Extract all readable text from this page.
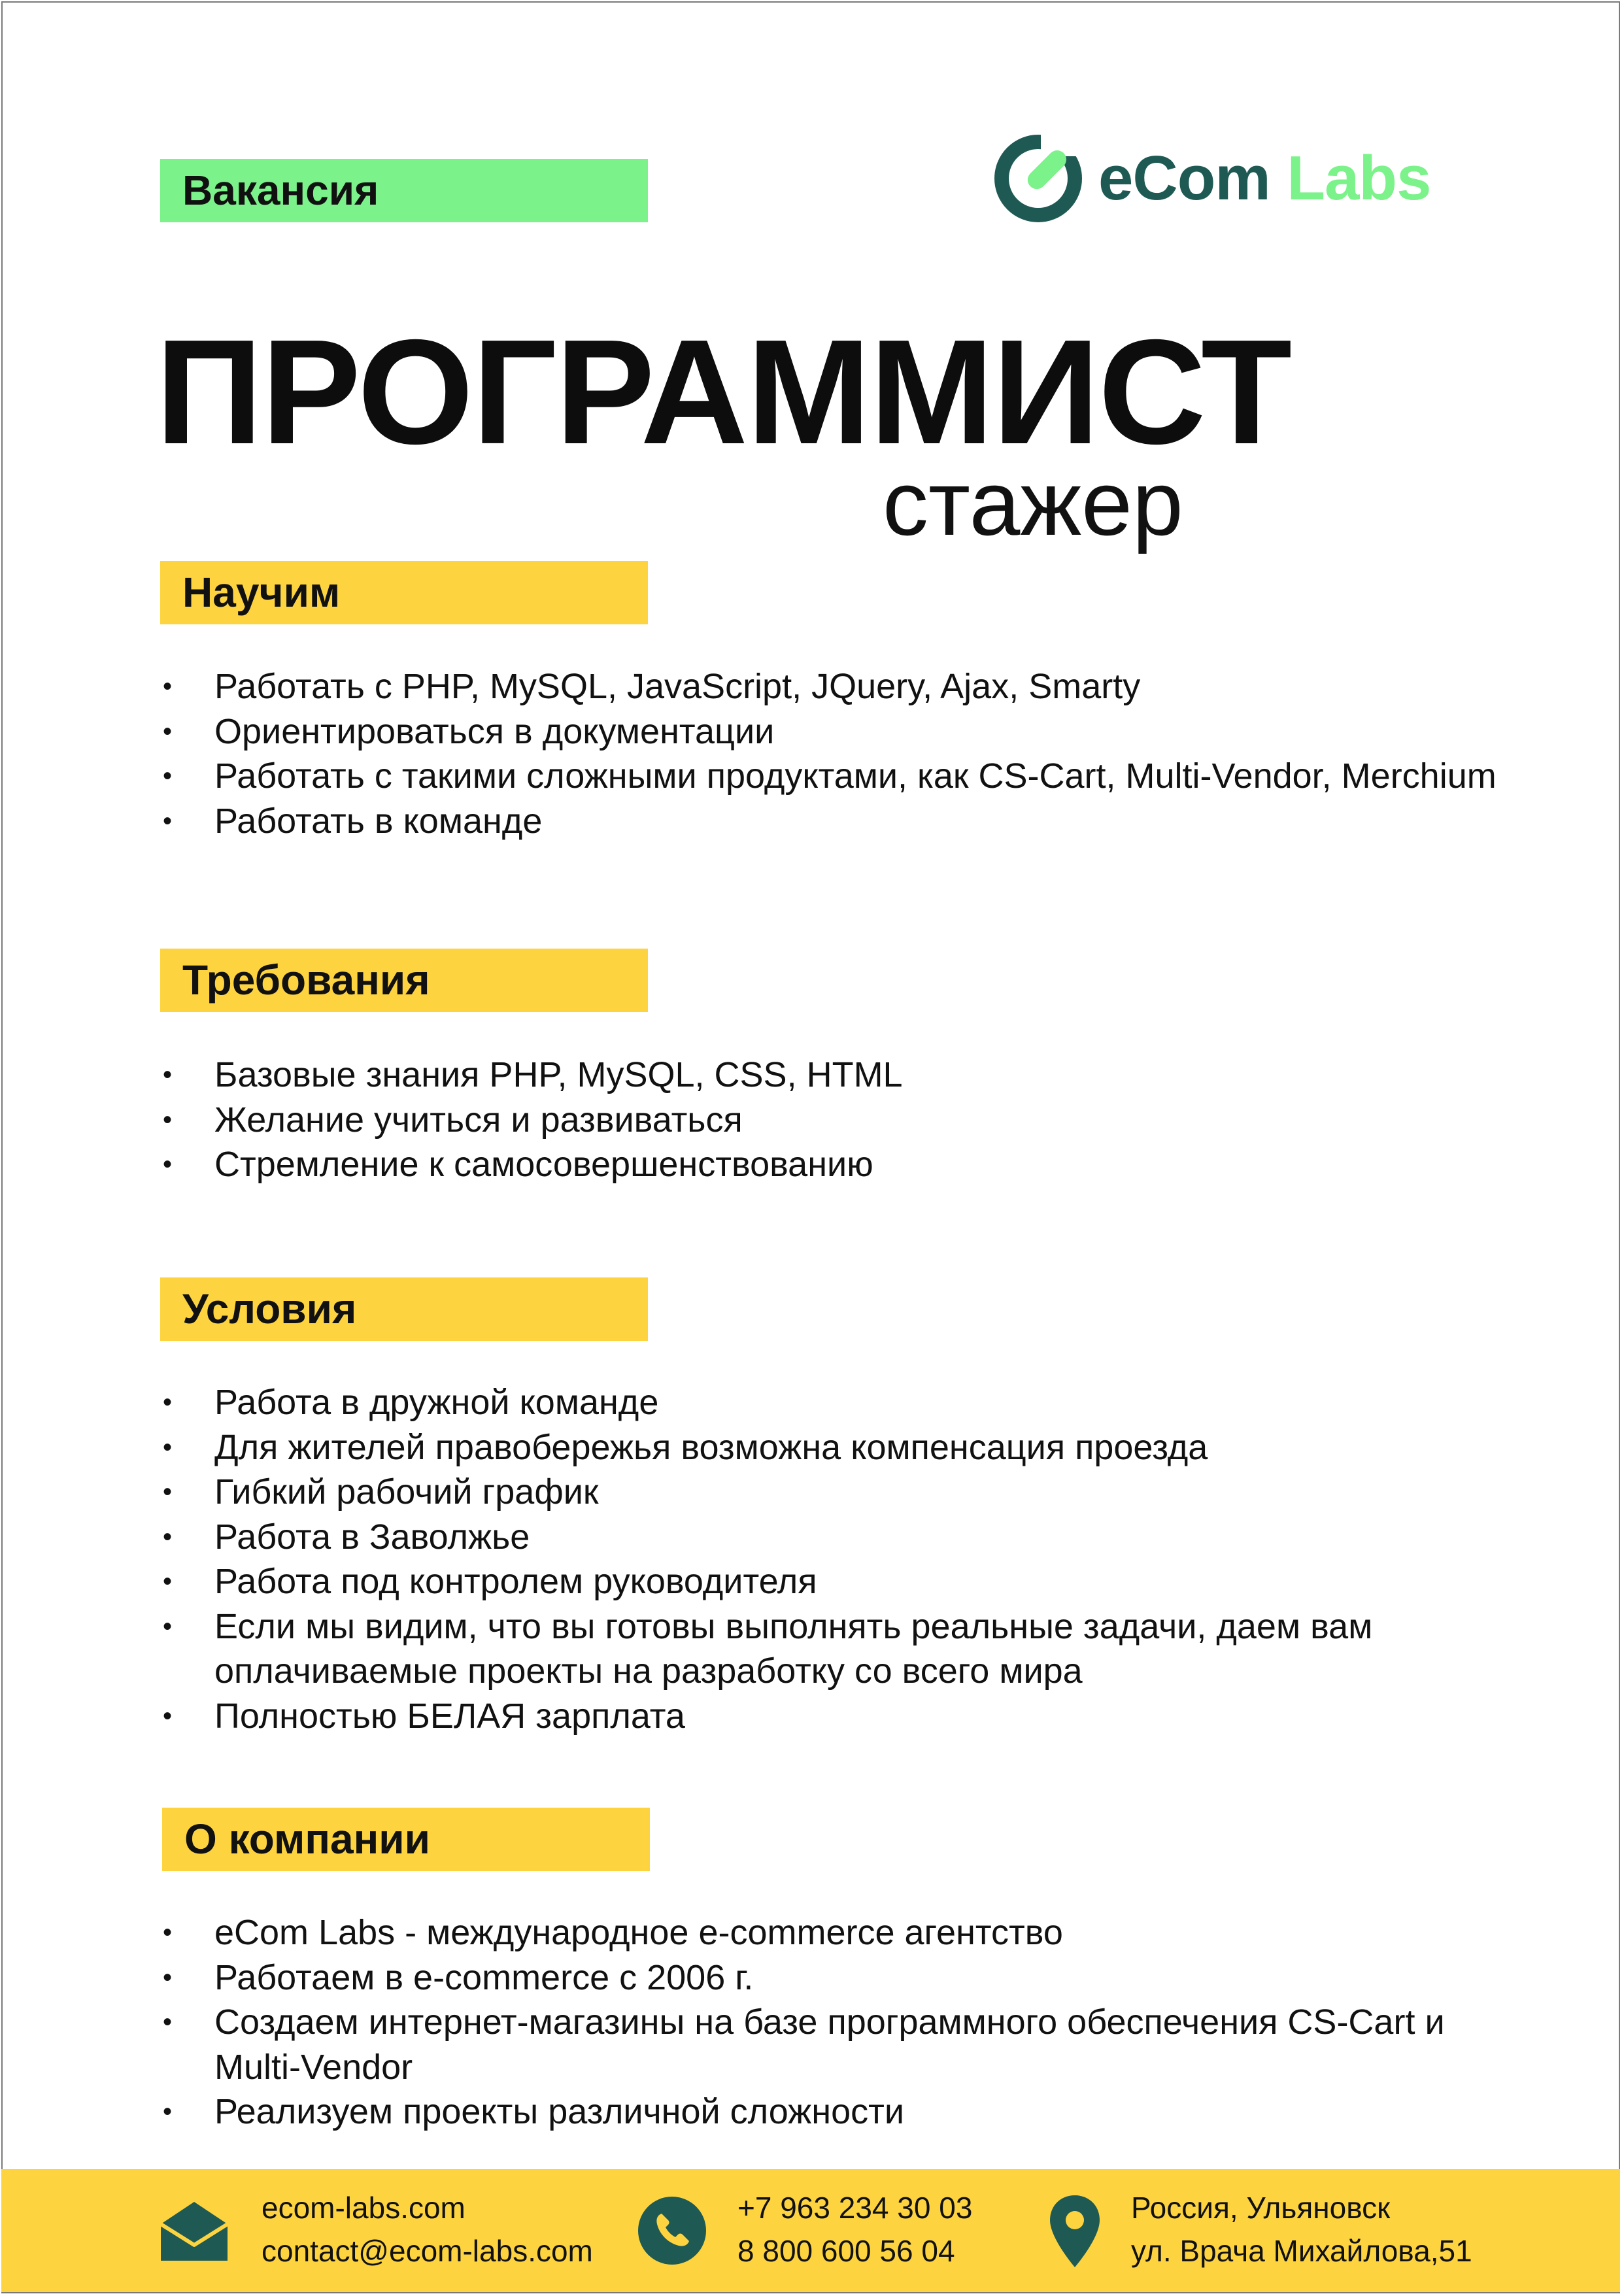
Вакансия	eCom Labs
ПРОГРАММИСТ
стажер
Научим
• Работать с PHP, MySQL, JavaScript, JQuery, Ajax, Smarty
• Ориентироваться в документации
• Работать с такими сложными продуктами, как CS-Cart, Multi-Vendor, Merchium
• Работать в команде
Требования
• Базовые знания PHP, MySQL, CSS, HTML
• Желание учиться и развиваться
• Стремление к самосовершенствованию
Условия
• Работа в дружной команде
• Для жителей правобережья возможна компенсация проезда
• Гибкий рабочий график
• Работа в Заволжье
• Работа под контролем руководителя
• Если мы видим, что вы готовы выполнять реальные задачи, даем вам оплачиваемые проекты на разработку со всего мира
• Полностью БЕЛАЯ зарплата
О компании
• eCom Labs - международное e-commerce агентство
• Работаем в e-commerce с 2006 г.
• Создаем интернет-магазины на базе программного обеспечения CS-Cart и Multi-Vendor
• Реализуем проекты различной сложности
ecom-labs.com
contact@ecom-labs.com
+7 963 234 30 03
8 800 600 56 04
Россия, Ульяновск
ул. Врача Михайлова,51
